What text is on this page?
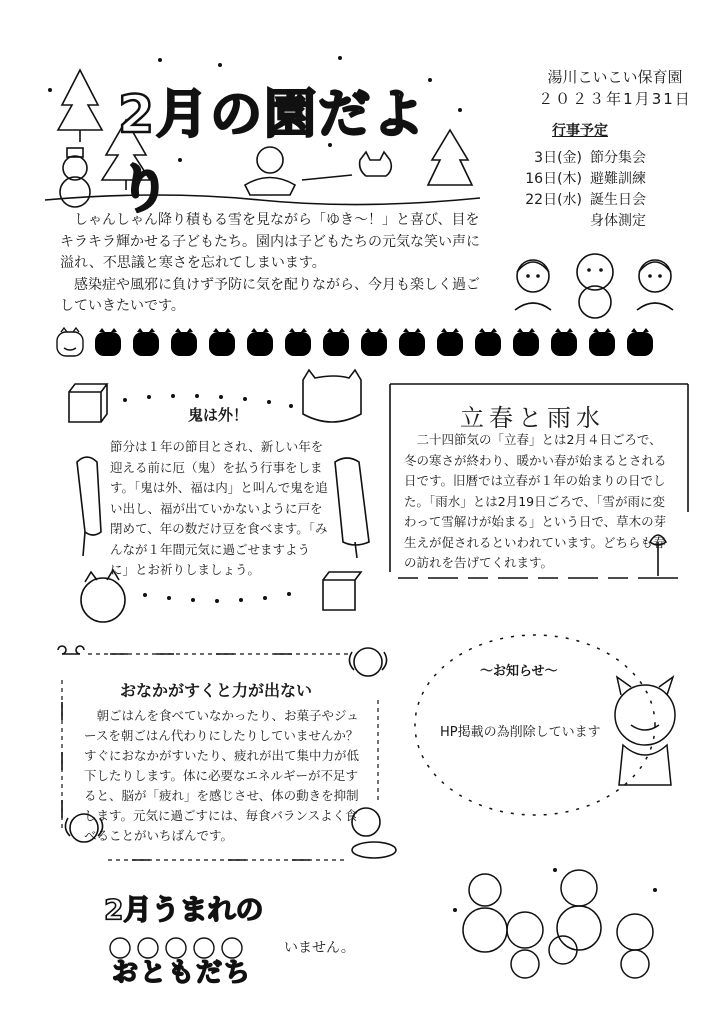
2月の園だより
湯川こいこい保育園
２０２３年1月31日
行事予定
3日(金) 節分集会
16日(木) 避難訓練
22日(水) 誕生日会
身体測定

しゃんしゃん降り積もる雪を見ながら「ゆき〜！」と喜び、目をキラキラ輝かせる子どもたち。園内は子どもたちの元気な笑い声に溢れ、不思議と寒さを忘れてしまいます。

感染症や風邪に負けず予防に気を配りながら、今月も楽しく過ごしていきたいです。

鬼は外！

節分は１年の節目とされ、新しい年を迎える前に厄（鬼）を払う行事をします。「鬼は外、福は内」と叫んで鬼を追い出し、福が出ていかないように戸を閉めて、年の数だけ豆を食べます。「みんなが１年間元気に過ごせますように」とお祈りしましょう。

立春と雨水

二十四節気の「立春」とは2月４日ごろで、冬の寒さが終わり、暖かい春が始まるとされる日です。旧暦では立春が１年の始まりの日でした。「雨水」とは2月19日ごろで、「雪が雨に変わって雪解けが始まる」という日で、草木の芽生えが促されるといわれています。どちらも春の訪れを告げてくれます。

おなかがすくと力が出ない

朝ごはんを食べていなかったり、お菓子やジュースを朝ごはん代わりにしたりしていませんか？ すぐにおなかがすいたり、疲れが出て集中力が低下したりします。体に必要なエネルギーが不足すると、脳が「疲れ」を感じさせ、体の動きを抑制します。元気に過ごすには、毎食バランスよく食べることがいちばんです。

〜お知らせ〜
HP掲載の為削除しています
2月うまれの
おともだち
いません。
